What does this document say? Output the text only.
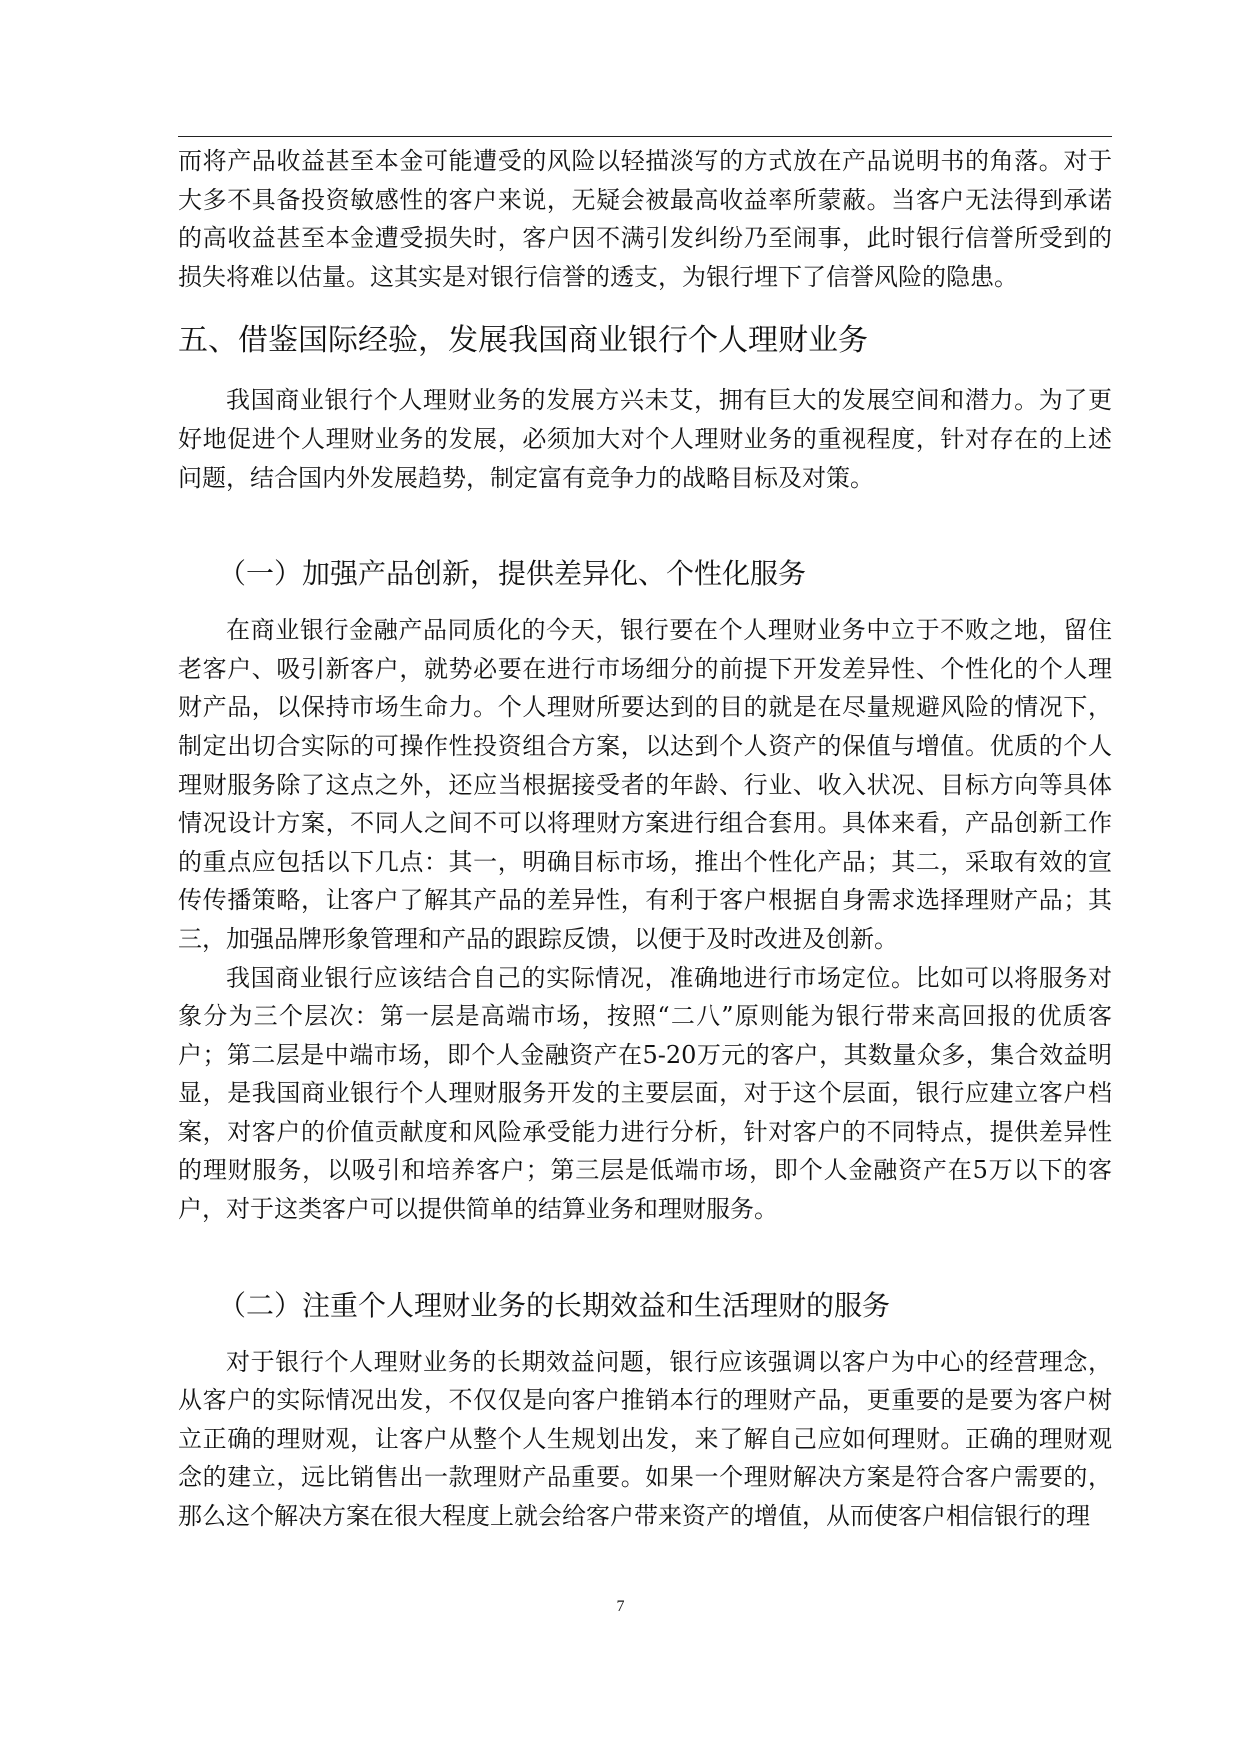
而将产品收益甚至本金可能遭受的风险以轻描淡写的方式放在产品说明书的角落。对于大多不具备投资敏感性的客户来说，无疑会被最高收益率所蒙蔽。当客户无法得到承诺的高收益甚至本金遭受损失时，客户因不满引发纠纷乃至闹事，此时银行信誉所受到的损失将难以估量。这其实是对银行信誉的透支，为银行埋下了信誉风险的隐患。

五、借鉴国际经验，发展我国商业银行个人理财业务

我国商业银行个人理财业务的发展方兴未艾，拥有巨大的发展空间和潜力。为了更好地促进个人理财业务的发展，必须加大对个人理财业务的重视程度，针对存在的上述问题，结合国内外发展趋势，制定富有竞争力的战略目标及对策。

（一）加强产品创新，提供差异化、个性化服务

在商业银行金融产品同质化的今天，银行要在个人理财业务中立于不败之地，留住老客户、吸引新客户，就势必要在进行市场细分的前提下开发差异性、个性化的个人理财产品，以保持市场生命力。个人理财所要达到的目的就是在尽量规避风险的情况下，制定出切合实际的可操作性投资组合方案，以达到个人资产的保值与增值。优质的个人理财服务除了这点之外，还应当根据接受者的年龄、行业、收入状况、目标方向等具体情况设计方案，不同人之间不可以将理财方案进行组合套用。具体来看，产品创新工作的重点应包括以下几点：其一，明确目标市场，推出个性化产品；其二，采取有效的宣传传播策略，让客户了解其产品的差异性，有利于客户根据自身需求选择理财产品；其三，加强品牌形象管理和产品的跟踪反馈，以便于及时改进及创新。

我国商业银行应该结合自己的实际情况，准确地进行市场定位。比如可以将服务对象分为三个层次：第一层是高端市场，按照“二八”原则能为银行带来高回报的优质客户；第二层是中端市场，即个人金融资产在5-20万元的客户，其数量众多，集合效益明显，是我国商业银行个人理财服务开发的主要层面，对于这个层面，银行应建立客户档案，对客户的价值贡献度和风险承受能力进行分析，针对客户的不同特点，提供差异性的理财服务，以吸引和培养客户；第三层是低端市场，即个人金融资产在5万以下的客户，对于这类客户可以提供简单的结算业务和理财服务。

（二）注重个人理财业务的长期效益和生活理财的服务

对于银行个人理财业务的长期效益问题，银行应该强调以客户为中心的经营理念，从客户的实际情况出发，不仅仅是向客户推销本行的理财产品，更重要的是要为客户树立正确的理财观，让客户从整个人生规划出发，来了解自己应如何理财。正确的理财观念的建立，远比销售出一款理财产品重要。如果一个理财解决方案是符合客户需要的，那么这个解决方案在很大程度上就会给客户带来资产的增值，从而使客户相信银行的理

7
